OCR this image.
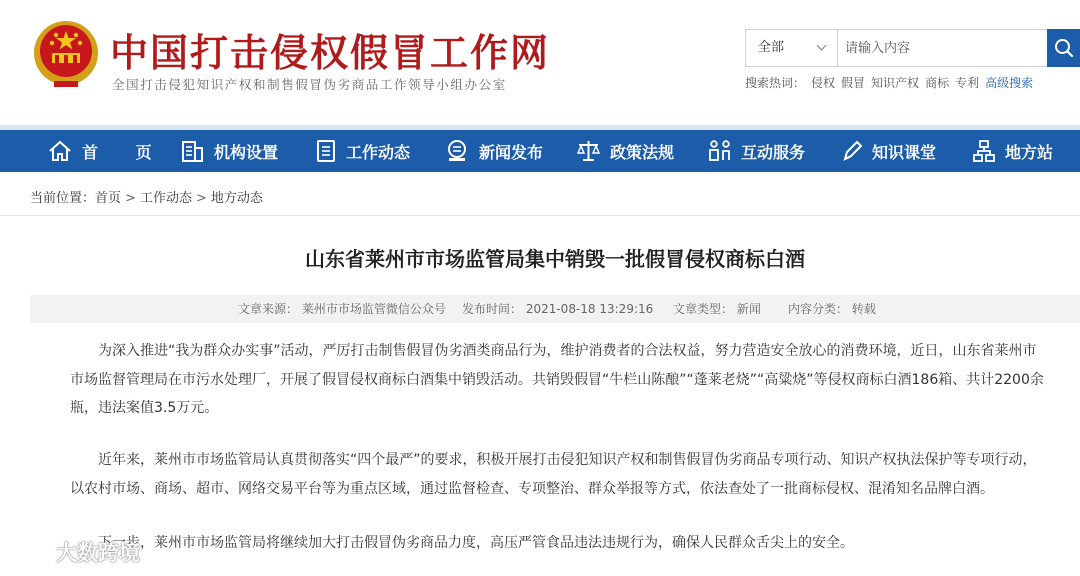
中国打击侵权假冒工作网
全国打击侵犯知识产权和制售假冒伪劣商品工作领导小组办公室
全部
请输入内容
搜索热词： 侵权 假冒 知识产权 商标 专利 高级搜索
首 页	机构设置	工作动态	新闻发布	政策法规	互动服务	知识课堂	地方站
当前位置：首页 > 工作动态 > 地方动态
山东省莱州市市场监管局集中销毁一批假冒侵权商标白酒
文章来源： 莱州市市场监管微信公众号 发布时间： 2021-08-18 13:29:16 文章类型： 新闻 内容分类： 转载

为深入推进“我为群众办实事”活动，严厉打击制售假冒伪劣酒类商品行为，维护消费者的合法权益，努力营造安全放心的消费环境，近日，山东省莱州市市场监督管理局在市污水处理厂，开展了假冒侵权商标白酒集中销毁活动。共销毁假冒“牛栏山陈酿”“蓬莱老烧”“高粱烧”等侵权商标白酒186箱、共计2200余瓶，违法案值3.5万元。

近年来，莱州市市场监管局认真贯彻落实“四个最严”的要求，积极开展打击侵犯知识产权和制售假冒伪劣商品专项行动、知识产权执法保护等专项行动，以农村市场、商场、超市、网络交易平台等为重点区域，通过监督检查、专项整治、群众举报等方式，依法查处了一批商标侵权、混淆知名品牌白酒。

下一步，莱州市市场监管局将继续加大打击假冒伪劣商品力度，高压严管食品违法违规行为，确保人民群众舌尖上的安全。

大数跨境
